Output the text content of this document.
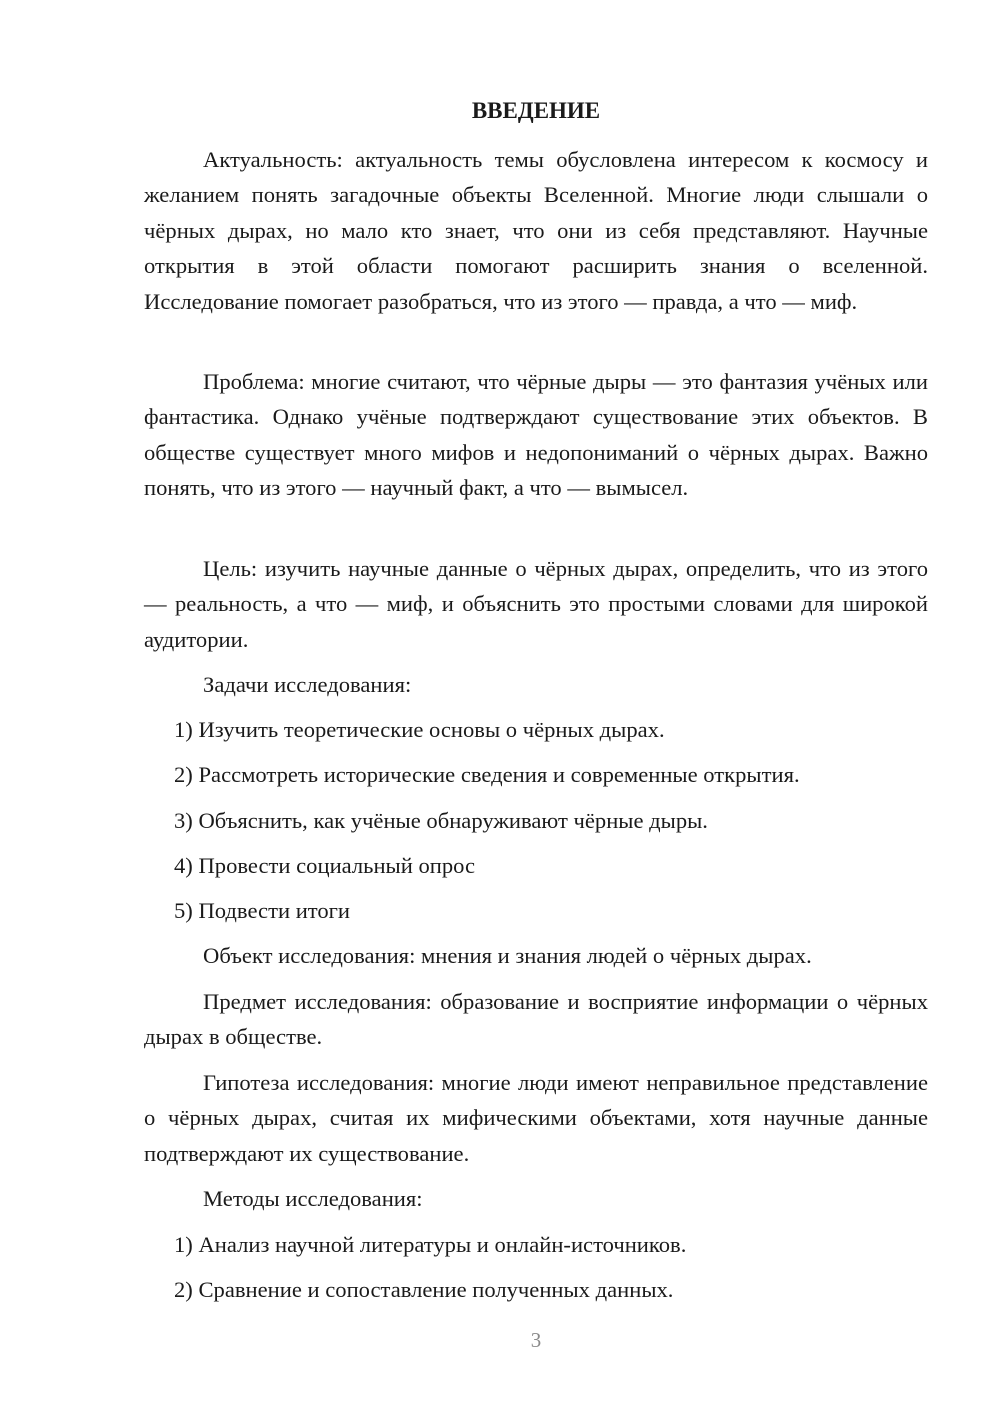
ВВЕДЕНИЕ

Актуальность: актуальность темы обусловлена интересом к космосу и желанием понять загадочные объекты Вселенной. Многие люди слышали о чёрных дырах, но мало кто знает, что они из себя представляют. Научные открытия в этой области помогают расширить знания о вселенной. Исследование помогает разобраться, что из этого — правда, а что — миф.

Проблема: многие считают, что чёрные дыры — это фантазия учёных или фантастика. Однако учёные подтверждают существование этих объектов. В обществе существует много мифов и недопониманий о чёрных дырах. Важно понять, что из этого — научный факт, а что — вымысел.

Цель: изучить научные данные о чёрных дырах, определить, что из этого — реальность, а что — миф, и объяснить это простыми словами для широкой аудитории.

Задачи исследования:

1) Изучить теоретические основы о чёрных дырах.

2) Рассмотреть исторические сведения и современные открытия.

3) Объяснить, как учёные обнаруживают чёрные дыры.

4) Провести социальный опрос

5) Подвести итоги

Объект исследования: мнения и знания людей о чёрных дырах.

Предмет исследования: образование и восприятие информации о чёрных дырах в обществе.

Гипотеза исследования: многие люди имеют неправильное представление о чёрных дырах, считая их мифическими объектами, хотя научные данные подтверждают их существование.

Методы исследования:

1) Анализ научной литературы и онлайн-источников.

2) Сравнение и сопоставление полученных данных.

3
